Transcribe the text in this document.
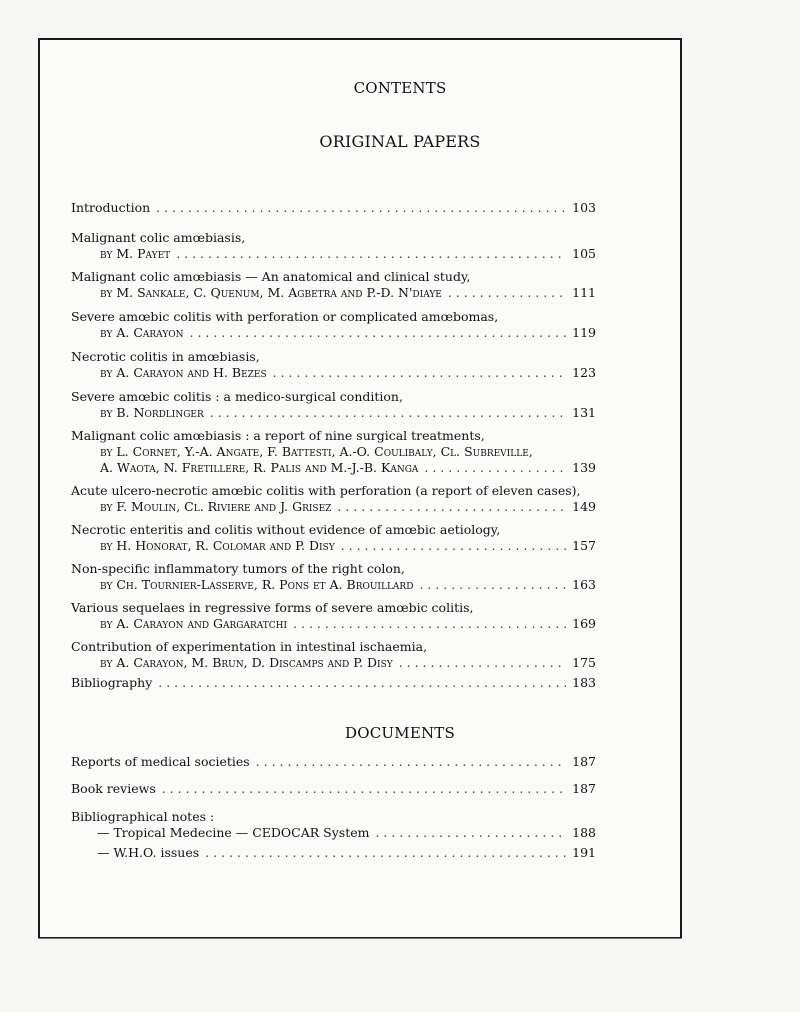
CONTENTS
ORIGINAL PAPERS
Introduction . . .	103
Malignant colic amœbiasis,
by M. Payet . . .	105
Malignant colic amœbiasis — An anatomical and clinical study,
by M. Sankale, C. Quenum, M. Agbetra and P.-D. N'diaye . . .	111
Severe amœbic colitis with perforation or complicated amœbomas,
by A. Carayon . . .	119
Necrotic colitis in amœbiasis,
by A. Carayon and H. Bezes . . .	123
Severe amœbic colitis : a medico-surgical condition,
by B. Nordlinger . . .	131
Malignant colic amœbiasis : a report of nine surgical treatments,
by L. Cornet, Y.-A. Angate, F. Battesti, A.-O. Coulibaly, Cl. Subreville,
A. Waota, N. Fretillere, R. Palis and M.-J.-B. Kanga . . .	139
Acute ulcero-necrotic amœbic colitis with perforation (a report of eleven cases),
by F. Moulin, Cl. Riviere and J. Grisez . . .	149
Necrotic enteritis and colitis without evidence of amœbic aetiology,
by H. Honorat, R. Colomar and P. Disy . . .	157
Non-specific inflammatory tumors of the right colon,
by Ch. Tournier-Lasserve, R. Pons et A. Brouillard . . .	163
Various sequelaes in regressive forms of severe amœbic colitis,
by A. Carayon and Gargaratchi . . .	169
Contribution of experimentation in intestinal ischaemia,
by A. Carayon, M. Brun, D. Discamps and P. Disy . . .	175
Bibliography . . .	183
DOCUMENTS
Reports of medical societies . . .	187
Book reviews . . .	187
Bibliographical notes :
— Tropical Medecine — CEDOCAR System . . .	188
— W.H.O. issues . . .	191
